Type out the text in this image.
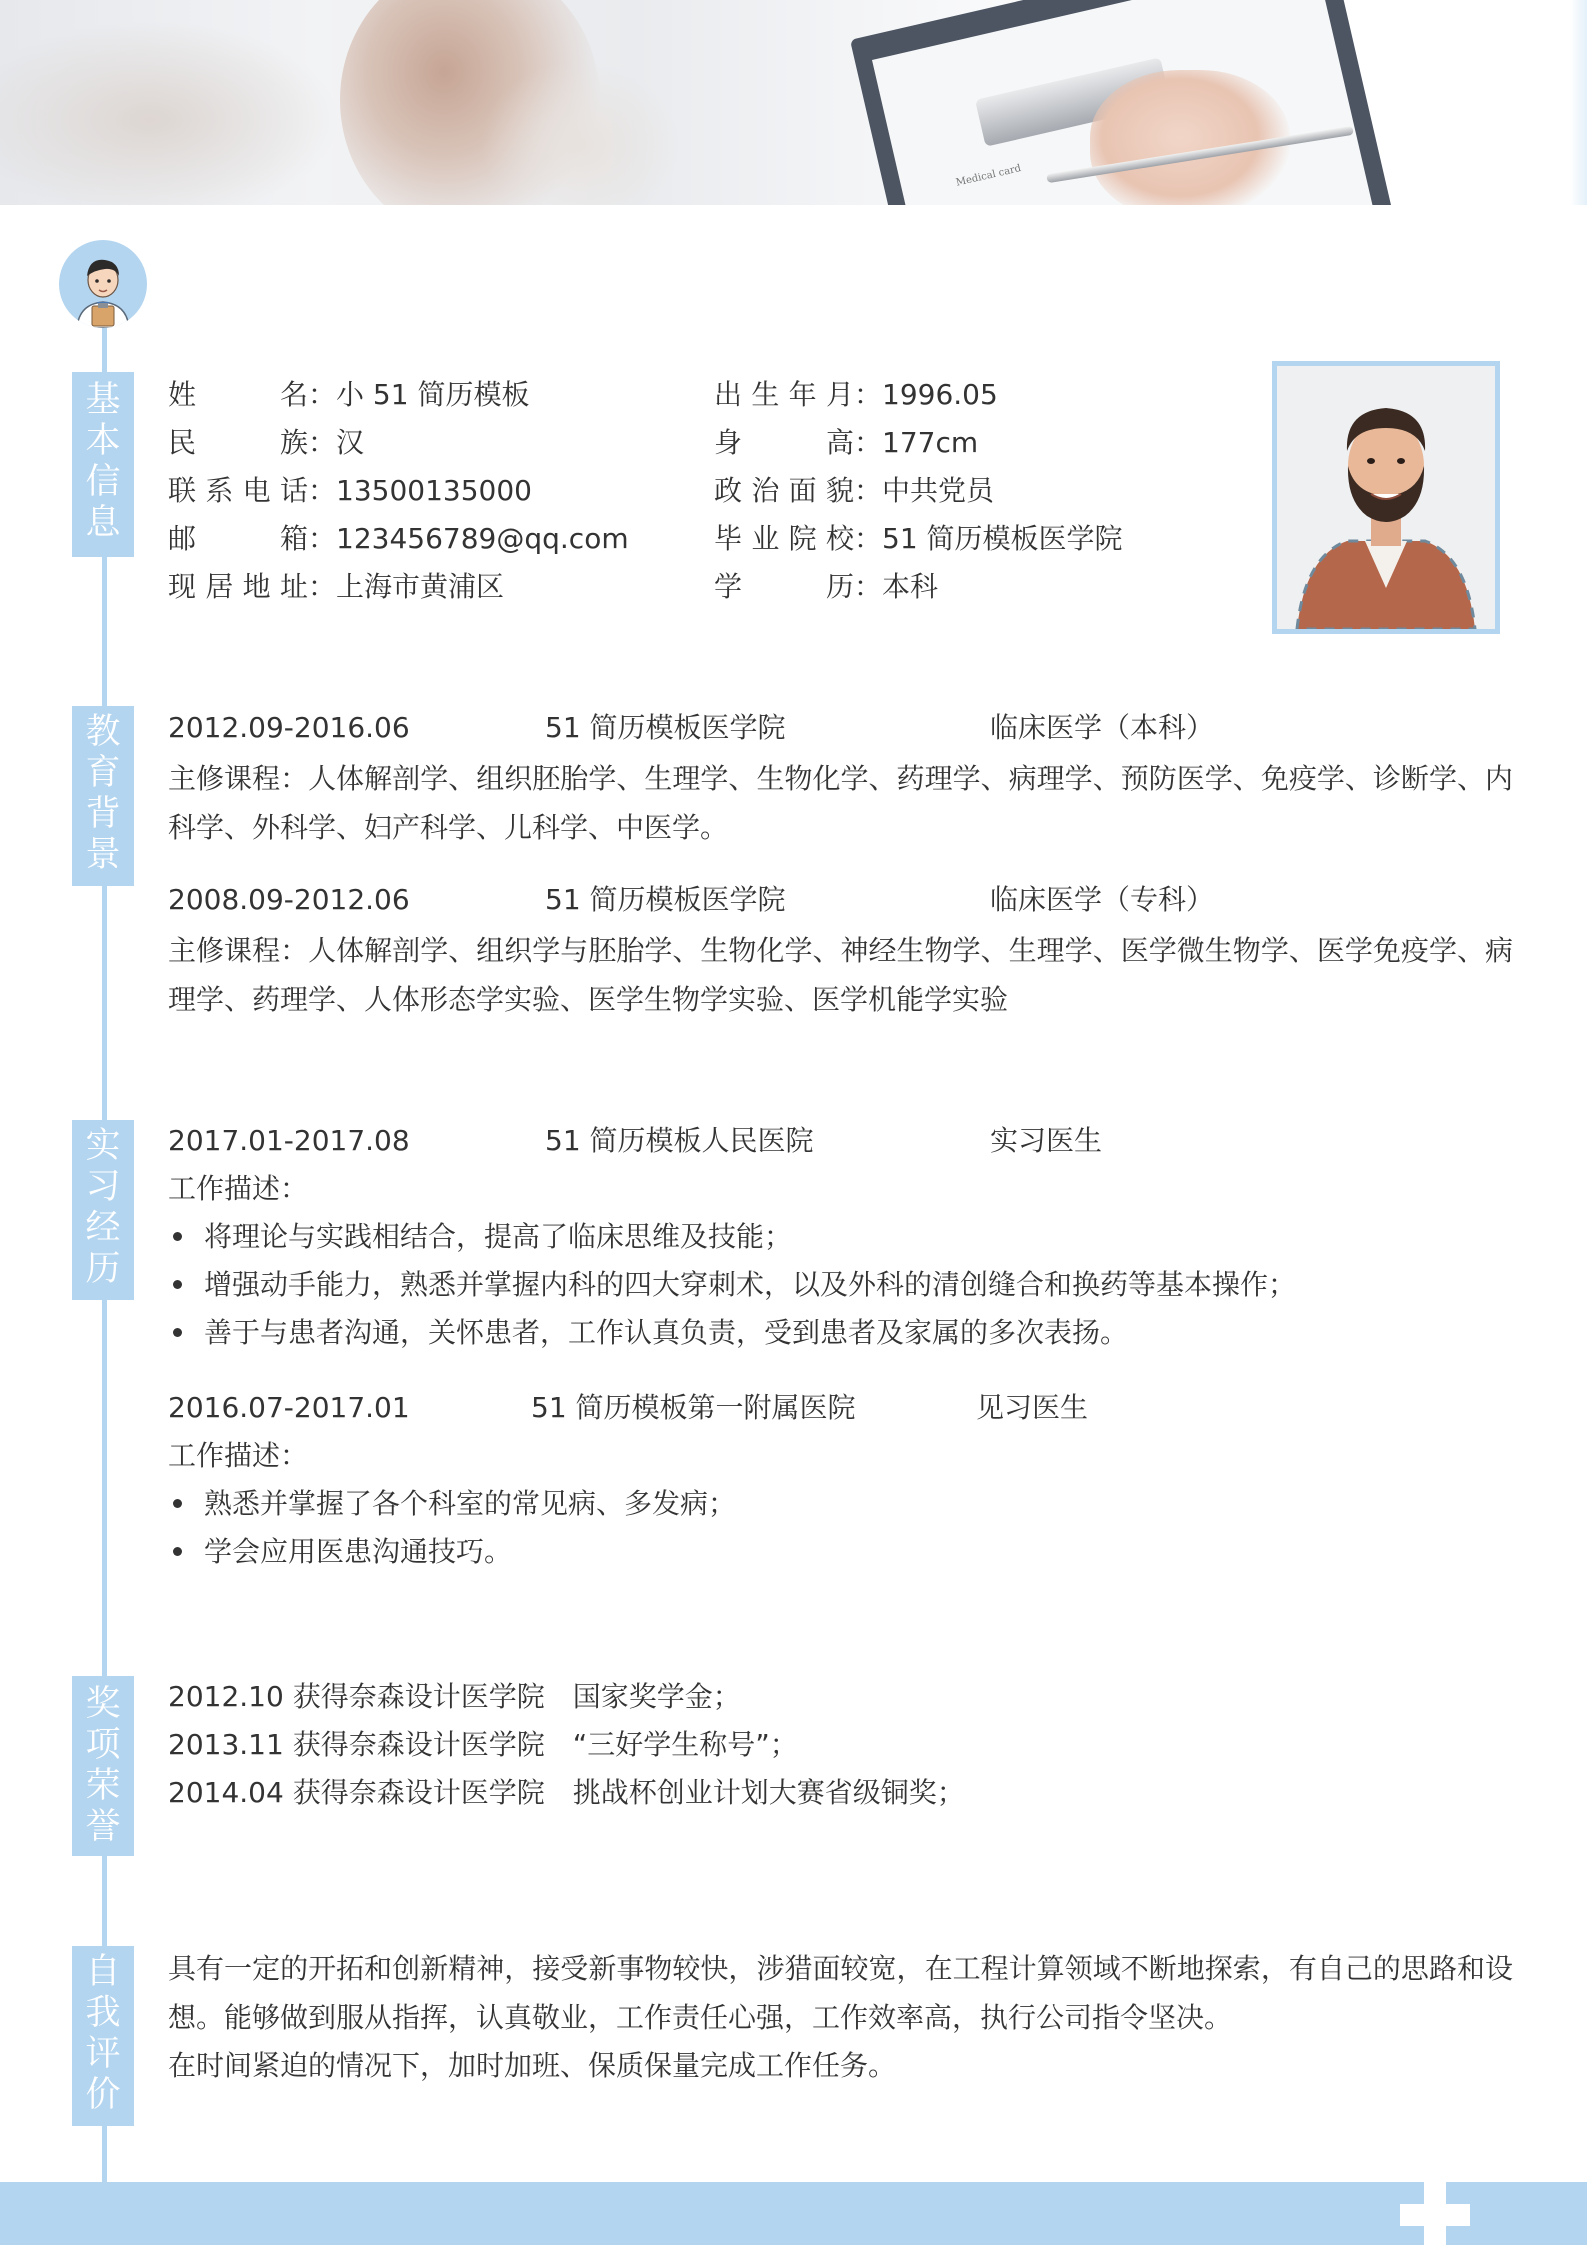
Medical card
基本信息
教育背景
实习经历
奖项荣誉
自我评价
姓名：小 51 简历模板
民族：汉
联系电话：13500135000
邮箱：123456789@qq.com
现居地址：上海市黄浦区
出生年月：1996.05
身高：177cm
政治面貌：中共党员
毕业院校：51 简历模板医学院
学历：本科
2012.09-2016.06	51 简历模板医学院	临床医学（本科）
主修课程：人体解剖学、组织胚胎学、生理学、生物化学、药理学、病理学、预防医学、免疫学、诊断学、内科学、外科学、妇产科学、儿科学、中医学。
2008.09-2012.06	51 简历模板医学院	临床医学（专科）
主修课程：人体解剖学、组织学与胚胎学、生物化学、神经生物学、生理学、医学微生物学、医学免疫学、病理学、药理学、人体形态学实验、医学生物学实验、医学机能学实验
2017.01-2017.08	51 简历模板人民医院	实习医生
工作描述：
将理论与实践相结合，提高了临床思维及技能；
增强动手能力，熟悉并掌握内科的四大穿刺术，以及外科的清创缝合和换药等基本操作；
善于与患者沟通，关怀患者，工作认真负责，受到患者及家属的多次表扬。
2016.07-2017.01	51 简历模板第一附属医院	见习医生
工作描述：
熟悉并掌握了各个科室的常见病、多发病；
学会应用医患沟通技巧。
2012.10 获得奈森设计医学院　国家奖学金；
2013.11 获得奈森设计医学院　“三好学生称号”；
2014.04 获得奈森设计医学院　挑战杯创业计划大赛省级铜奖；
具有一定的开拓和创新精神，接受新事物较快，涉猎面较宽，在工程计算领域不断地探索，有自己的思路和设想。能够做到服从指挥，认真敬业，工作责任心强，工作效率高，执行公司指令坚决。
在时间紧迫的情况下，加时加班、保质保量完成工作任务。
